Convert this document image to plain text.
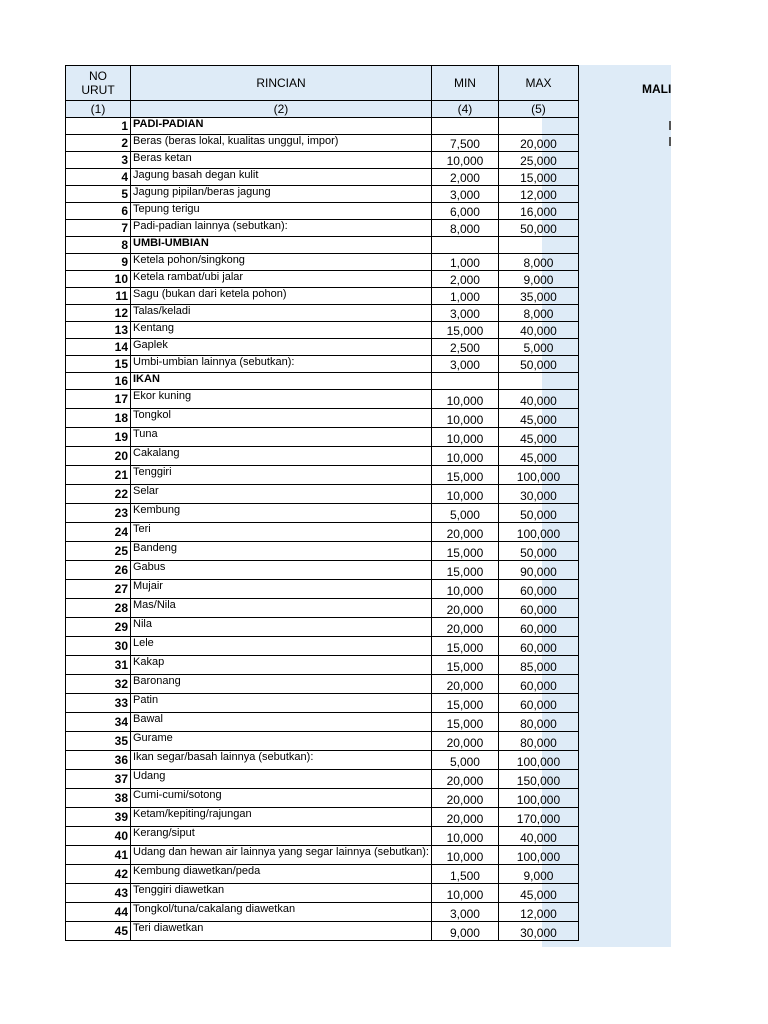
MALI
NO URUT	RINCIAN	MIN	MAX
(1)	(2)	(4)	(5)
1	PADI-PADIAN		
2	Beras (beras lokal, kualitas unggul, impor)	7,500	20,000
3	Beras ketan	10,000	25,000
4	Jagung basah degan kulit	2,000	15,000
5	Jagung pipilan/beras jagung	3,000	12,000
6	Tepung terigu	6,000	16,000
7	Padi-padian lainnya (sebutkan):	8,000	50,000
8	UMBI-UMBIAN		
9	Ketela pohon/singkong	1,000	8,000
10	Ketela rambat/ubi jalar	2,000	9,000
11	Sagu (bukan dari ketela pohon)	1,000	35,000
12	Talas/keladi	3,000	8,000
13	Kentang	15,000	40,000
14	Gaplek	2,500	5,000
15	Umbi-umbian lainnya (sebutkan):	3,000	50,000
16	IKAN		
17	Ekor kuning	10,000	40,000
18	Tongkol	10,000	45,000
19	Tuna	10,000	45,000
20	Cakalang	10,000	45,000
21	Tenggiri	15,000	100,000
22	Selar	10,000	30,000
23	Kembung	5,000	50,000
24	Teri	20,000	100,000
25	Bandeng	15,000	50,000
26	Gabus	15,000	90,000
27	Mujair	10,000	60,000
28	Mas/Nila	20,000	60,000
29	Nila	20,000	60,000
30	Lele	15,000	60,000
31	Kakap	15,000	85,000
32	Baronang	20,000	60,000
33	Patin	15,000	60,000
34	Bawal	15,000	80,000
35	Gurame	20,000	80,000
36	Ikan segar/basah lainnya (sebutkan):	5,000	100,000
37	Udang	20,000	150,000
38	Cumi-cumi/sotong	20,000	100,000
39	Ketam/kepiting/rajungan	20,000	170,000
40	Kerang/siput	10,000	40,000
41	Udang dan hewan air lainnya yang segar lainnya (sebutkan):	10,000	100,000
42	Kembung diawetkan/peda	1,500	9,000
43	Tenggiri diawetkan	10,000	45,000
44	Tongkol/tuna/cakalang diawetkan	3,000	12,000
45	Teri diawetkan	9,000	30,000
